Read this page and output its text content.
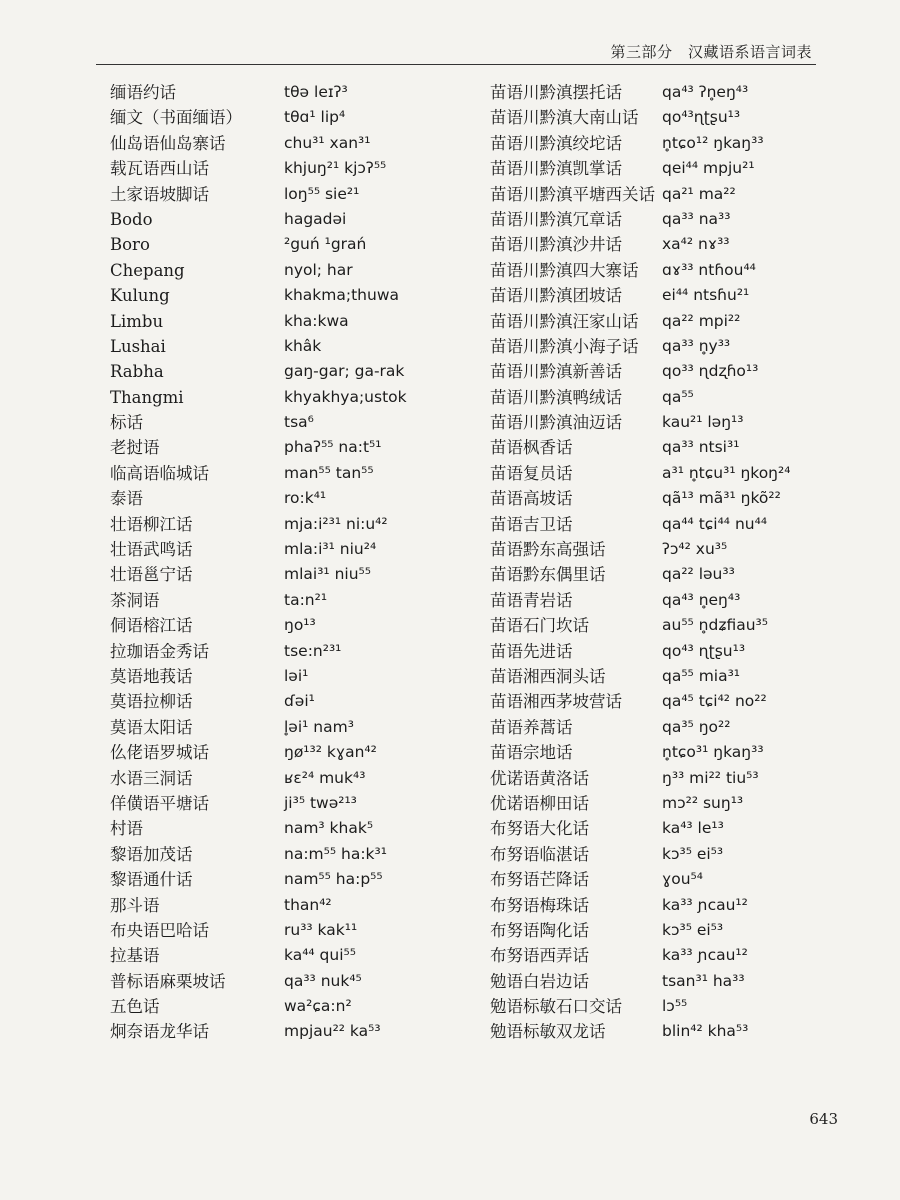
第三部分　汉藏语系语言词表
缅语约话	tθə leɪʔ³
缅文（书面缅语）	tθɑ¹ lip⁴
仙岛语仙岛寨话	chu³¹ xan³¹
载瓦语西山话	khjuŋ²¹ kjɔʔ⁵⁵
土家语坡脚话	loŋ⁵⁵ sie²¹
Bodo	hagadəi
Boro	²guń ¹grań
Chepang	nyol; har
Kulung	khakma;thuwa
Limbu	kha:kwa
Lushai	khâk
Rabha	gaŋ-gar; ga-rak
Thangmi	khyakhya;ustok
标话	tsa⁶
老挝语	phaʔ⁵⁵ na:t⁵¹
临高语临城话	man⁵⁵ tan⁵⁵
泰语	ro:k⁴¹
壮语柳江话	mja:i²³¹ ni:u⁴²
壮语武鸣话	mla:i³¹ niu²⁴
壮语邕宁话	mlai³¹ niu⁵⁵
茶洞语	ta:n²¹
侗语榕江话	ŋo¹³
拉珈语金秀话	tse:n²³¹
莫语地莪话	ləi¹
莫语拉柳话	ɗəi¹
莫语太阳话	l̥əi¹ nam³
仫佬语罗城话	ŋø¹³² kɣan⁴²
水语三洞话	ʁɛ²⁴ muk⁴³
佯僙语平塘话	ji³⁵ twə²¹³
村语	nam³ khak⁵
黎语加茂话	na:m⁵⁵ ha:k³¹
黎语通什话	nam⁵⁵ ha:p⁵⁵
那斗语	than⁴²
布央语巴哈话	ru³³ kak¹¹
拉基语	ka⁴⁴ qui⁵⁵
普标语麻栗坡话	qa³³ nuk⁴⁵
五色话	wa²ɕa:n²
炯奈语龙华话	mpjau²² ka⁵³
苗语川黔滇摆托话	qa⁴³ ʔn̥eŋ⁴³
苗语川黔滇大南山话 qo⁴³ɳʈʂu¹³
苗语川黔滇绞坨话	n̥tɕo¹² ŋkaŋ³³
苗语川黔滇凯掌话	qei⁴⁴ mpju²¹
苗语川黔滇平塘西关话 qa²¹ ma²²
苗语川黔滇冗章话	qa³³ na³³
苗语川黔滇沙井话	xa⁴² nɤ³³
苗语川黔滇四大寨话 ɑɤ³³ ntɦou⁴⁴
苗语川黔滇团坡话	ei⁴⁴ ntsɦu²¹
苗语川黔滇汪家山话 qa²² mpi²²
苗语川黔滇小海子话 qa³³ n̥y³³
苗语川黔滇新善话	qo³³ ɳdʐɦo¹³
苗语川黔滇鸭绒话	qa⁵⁵
苗语川黔滇油迈话	kau²¹ ləŋ¹³
苗语枫香话	qa³³ ntsi³¹
苗语复员话	a³¹ n̥tɕu³¹ ŋkoŋ²⁴
苗语高坡话	qã¹³ mã³¹ ŋkõ²²
苗语吉卫话	qa⁴⁴ tɕi⁴⁴ nu⁴⁴
苗语黔东高强话	ʔɔ⁴² xu³⁵
苗语黔东偶里话	qa²² ləu³³
苗语青岩话	qa⁴³ n̥eŋ⁴³
苗语石门坎话	au⁵⁵ n̥dʑfiau³⁵
苗语先进话	qo⁴³ ɳʈʂu¹³
苗语湘西洞头话	qa⁵⁵ mia³¹
苗语湘西茅坡营话	qa⁴⁵ tɕi⁴² no²²
苗语养蒿话	qa³⁵ ŋo²²
苗语宗地话	n̥tɕo³¹ ŋkaŋ³³
优诺语黄洛话	ŋ³³ mi²² tiu⁵³
优诺语柳田话	mɔ²² suŋ¹³
布努语大化话	ka⁴³ le¹³
布努语临湛话	kɔ³⁵ ei⁵³
布努语芒降话	ɣou⁵⁴
布努语梅珠话	ka³³ ɲcau¹²
布努语陶化话	kɔ³⁵ ei⁵³
布努语西弄话	ka³³ ɲcau¹²
勉语白岩边话	tsan³¹ ha³³
勉语标敏石口交话	lɔ⁵⁵
勉语标敏双龙话	blin⁴² kha⁵³
643
